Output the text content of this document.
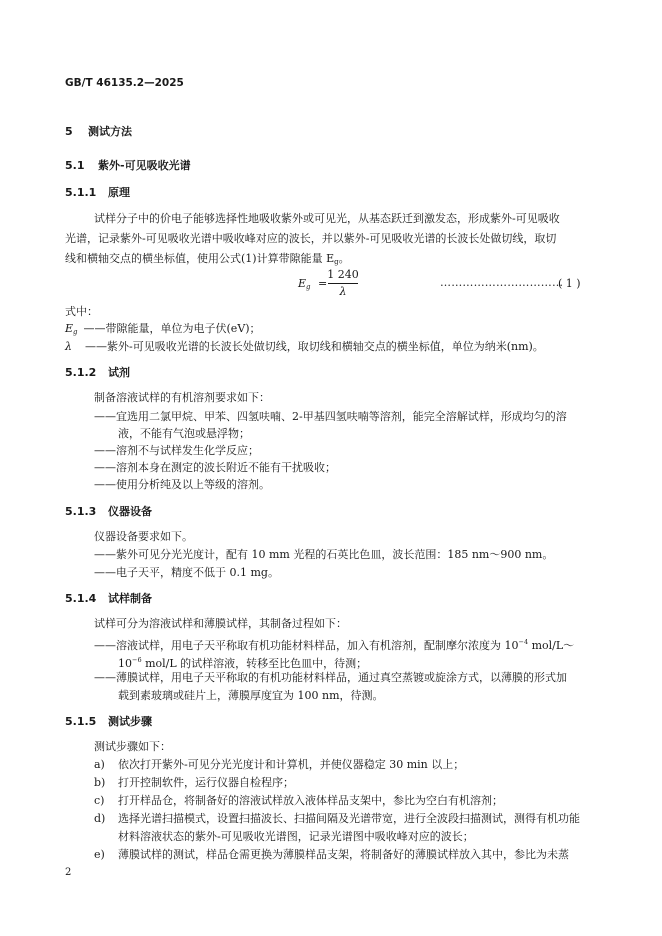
GB/T 46135.2—2025
5 测试方法
5.1 紫外-可见吸收光谱
5.1.1 原理
试样分子中的价电子能够选择性地吸收紫外或可见光，从基态跃迁到激发态，形成紫外-可见吸收
光谱，记录紫外-可见吸收光谱中吸收峰对应的波长，并以紫外-可见吸收光谱的长波长处做切线，取切
线和横轴交点的横坐标值，使用公式(1)计算带隙能量 $E_g$。
$E_g$ =
1 240
λ
……………………………
( 1 )
式中：
$E_g$ ——带隙能量，单位为电子伏(eV)；
λ ——紫外-可见吸收光谱的长波长处做切线，取切线和横轴交点的横坐标值，单位为纳米(nm)。
5.1.2 试剂
制备溶液试样的有机溶剂要求如下：
——宜选用二氯甲烷、甲苯、四氢呋喃、2-甲基四氢呋喃等溶剂，能完全溶解试样，形成均匀的溶
液，不能有气泡或悬浮物；
——溶剂不与试样发生化学反应；
——溶剂本身在测定的波长附近不能有干扰吸收；
——使用分析纯及以上等级的溶剂。
5.1.3 仪器设备
仪器设备要求如下。
——紫外可见分光光度计，配有 10 mm 光程的石英比色皿，波长范围：185 nm～900 nm。
——电子天平，精度不低于 0.1 mg。
5.1.4 试样制备
试样可分为溶液试样和薄膜试样，其制备过程如下：
——溶液试样，用电子天平称取有机功能材料样品，加入有机溶剂，配制摩尔浓度为 $10^{-4}$ mol/L～
$10^{-6}$ mol/L 的试样溶液，转移至比色皿中，待测；
——薄膜试样，用电子天平称取的有机功能材料样品，通过真空蒸镀或旋涂方式，以薄膜的形式加
载到素玻璃或硅片上，薄膜厚度宜为 100 nm，待测。
5.1.5 测试步骤
测试步骤如下：
a) 依次打开紫外-可见分光光度计和计算机，并使仪器稳定 30 min 以上；
b) 打开控制软件，运行仪器自检程序；
c) 打开样品仓，将制备好的溶液试样放入液体样品支架中，参比为空白有机溶剂；
d) 选择光谱扫描模式，设置扫描波长、扫描间隔及光谱带宽，进行全波段扫描测试，测得有机功能
材料溶液状态的紫外-可见吸收光谱图，记录光谱图中吸收峰对应的波长；
e) 薄膜试样的测试，样品仓需更换为薄膜样品支架，将制备好的薄膜试样放入其中，参比为未蒸
2
